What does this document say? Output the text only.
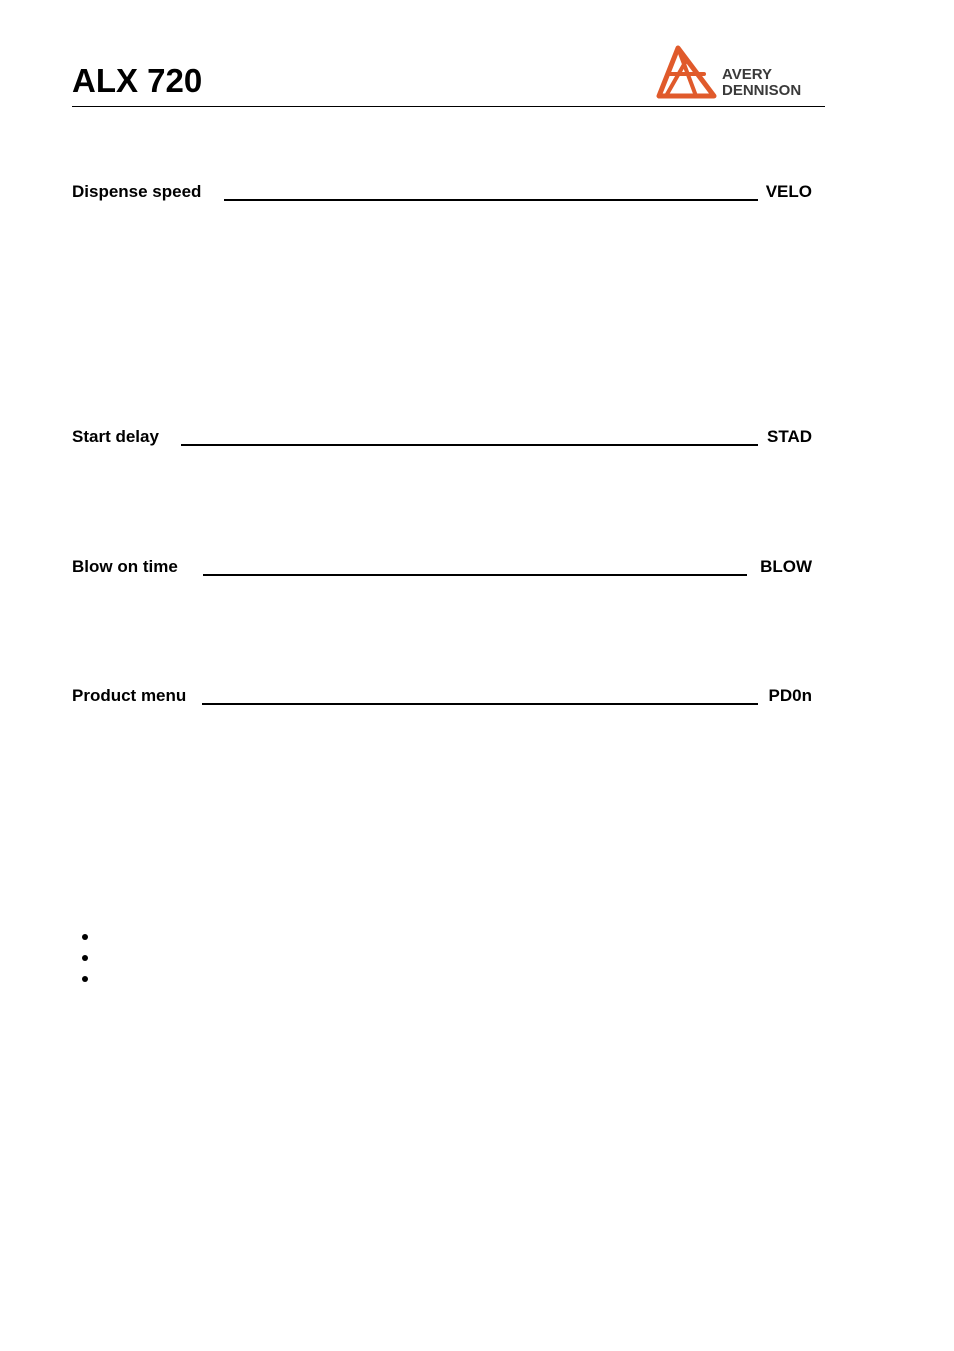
ALX 720	AVERY
DENNISON
Dispense speed	VELO
Start delay	STAD
Blow on time	BLOW
Product menu	PD0n
